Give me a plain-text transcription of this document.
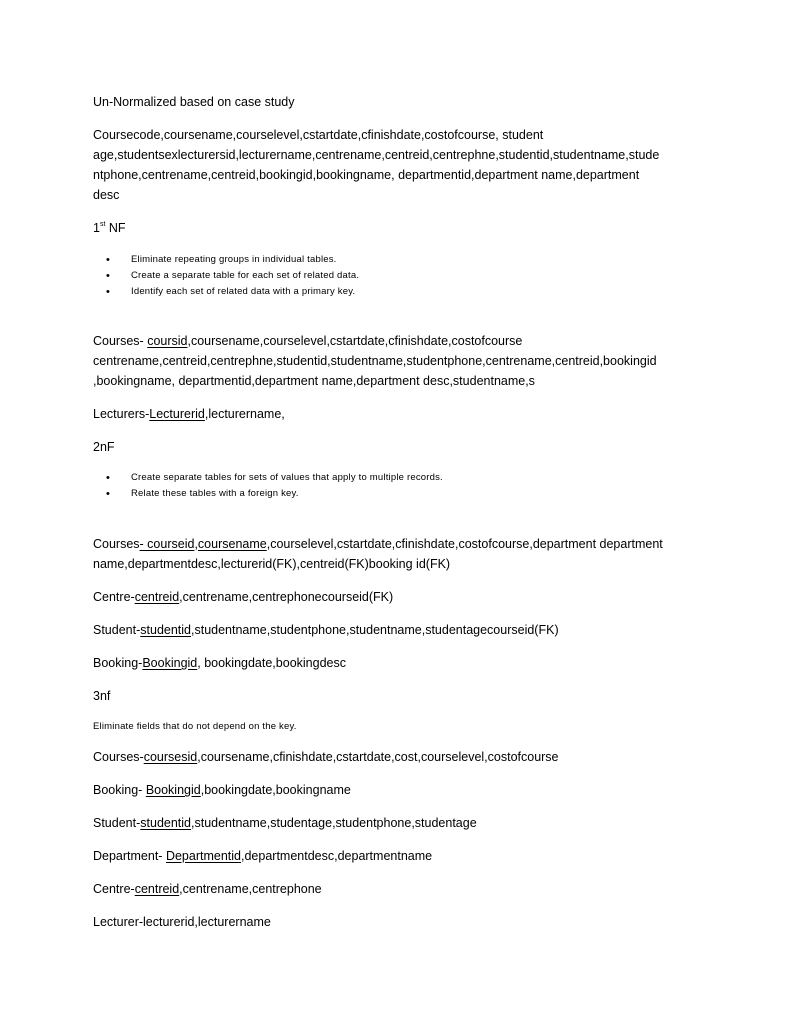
Un-Normalized based on case study
Coursecode,coursename,courselevel,cstartdate,cfinishdate,costofcourse, student
age,studentsexlecturersid,lecturername,centrename,centreid,centrephne,studentid,studentname,stude
ntphone,centrename,centreid,bookingid,bookingname, departmentid,department name,department
desc
1st NF
• Eliminate repeating groups in individual tables.
• Create a separate table for each set of related data.
• Identify each set of related data with a primary key.
Courses- coursid,coursename,courselevel,cstartdate,cfinishdate,costofcourse
centrename,centreid,centrephne,studentid,studentname,studentphone,centrename,centreid,bookingid
,bookingname, departmentid,department name,department desc,studentname,s
Lecturers-Lecturerid,lecturername,
2nF
• Create separate tables for sets of values that apply to multiple records.
• Relate these tables with a foreign key.
Courses- courseid,coursename,courselevel,cstartdate,cfinishdate,costofcourse,department department
name,departmentdesc,lecturerid(FK),centreid(FK)booking id(FK)
Centre-centreid,centrename,centrephonecourseid(FK)
Student-studentid,studentname,studentphone,studentname,studentagecourseid(FK)
Booking-Bookingid, bookingdate,bookingdesc
3nf
Eliminate fields that do not depend on the key.
Courses-coursesid,coursename,cfinishdate,cstartdate,cost,courselevel,costofcourse
Booking- Bookingid,bookingdate,bookingname
Student-studentid,studentname,studentage,studentphone,studentage
Department- Departmentid,departmentdesc,departmentname
Centre-centreid,centrename,centrephone
Lecturer-lecturerid,lecturername
